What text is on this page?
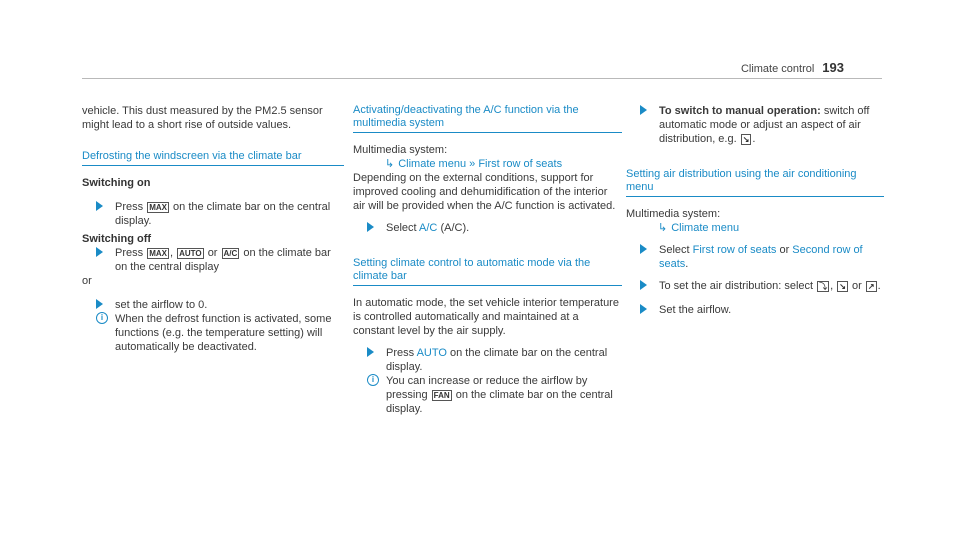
Climate control 193

vehicle. This dust measured by the PM2.5 sensor might lead to a short rise of outside values.

Defrosting the windscreen via the climate bar
Switching on
Press MAX on the climate bar on the central display.
Switching off
Press MAX , AUTO or A/C on the climate bar on the central display

or

set the airflow to 0.
i	When the defrost function is activated, some functions (e.g. the temperature setting) will automatically be deactivated.
Activating/deactivating the A/C function via the multimedia system

Multimedia system:

↳ Climate menu » First row of seats

Depending on the external conditions, support for improved cooling and dehumidification of the interior air will be provided when the A/C function is activated.

Select A/C (A/C).
Setting climate control to automatic mode via the climate bar

In automatic mode, the set vehicle interior temperature is controlled automatically and maintained at a constant level by the air supply.

Press AUTO on the climate bar on the central display.
i	You can increase or reduce the airflow by pressing FAN on the climate bar on the central display.
To switch to manual operation: switch off automatic mode or adjust an aspect of air distribution, e.g. ↘ .
Setting air distribution using the air conditioning menu

Multimedia system:

↳ Climate menu
Select First row of seats or Second row of seats.
To set the air distribution: select ⤵ , ↘ or ↗ .
Set the airflow.
